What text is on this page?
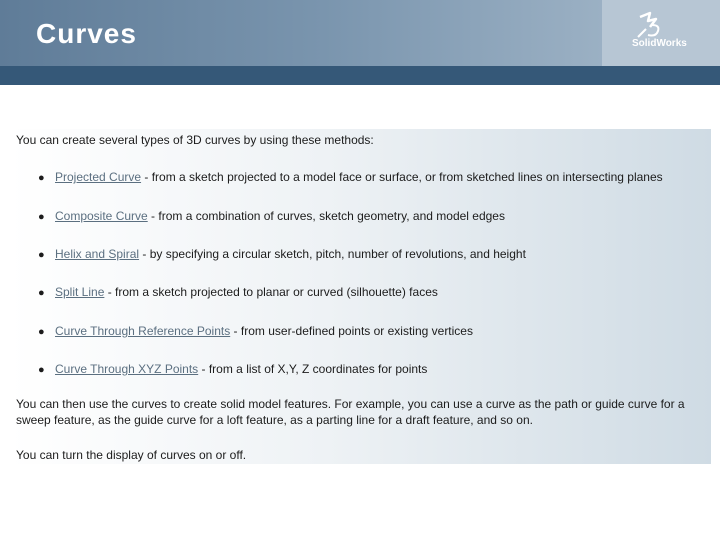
Curves	SolidWorks
You can create several types of 3D curves by using these methods:
● Projected Curve - from a sketch projected to a model face or surface, or from sketched lines on intersecting planes
● Composite Curve - from a combination of curves, sketch geometry, and model edges
● Helix and Spiral - by specifying a circular sketch, pitch, number of revolutions, and height
● Split Line - from a sketch projected to planar or curved (silhouette) faces
● Curve Through Reference Points - from user-defined points or existing vertices
● Curve Through XYZ Points - from a list of X,Y, Z coordinates for points
You can then use the curves to create solid model features. For example, you can use a curve as the path or guide curve for a sweep feature, as the guide curve for a loft feature, as a parting line for a draft feature, and so on.
You can turn the display of curves on or off.
